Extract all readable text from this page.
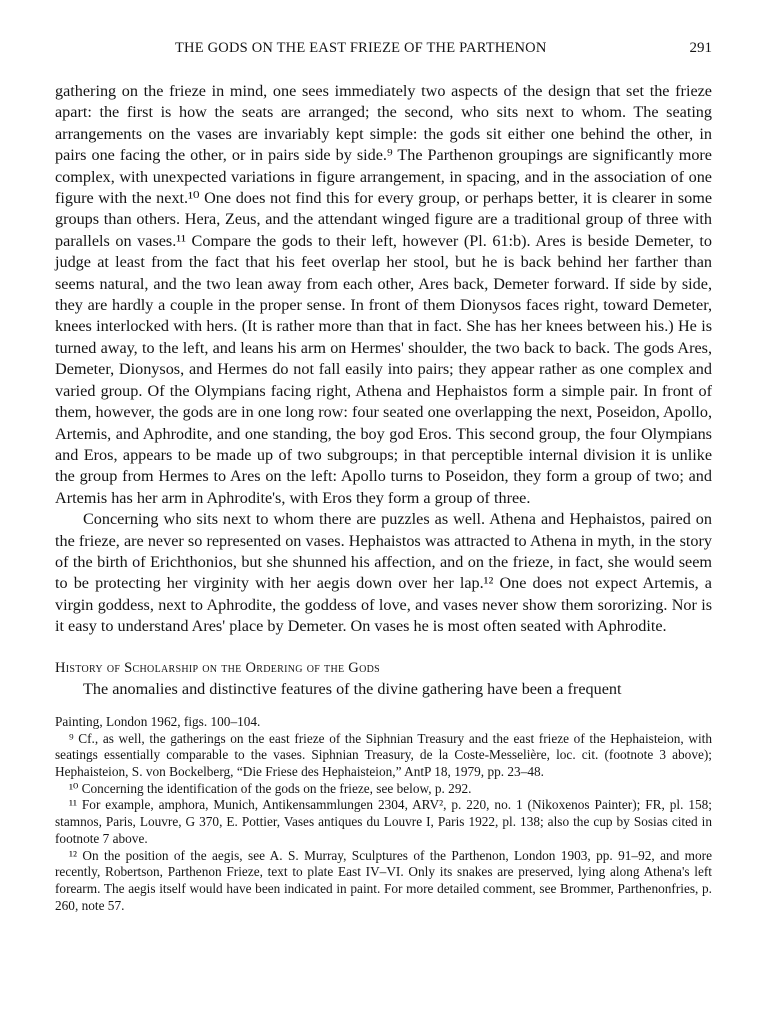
THE GODS ON THE EAST FRIEZE OF THE PARTHENON	291

gathering on the frieze in mind, one sees immediately two aspects of the design that set the frieze apart: the first is how the seats are arranged; the second, who sits next to whom. The seating arrangements on the vases are invariably kept simple: the gods sit either one behind the other, in pairs one facing the other, or in pairs side by side.⁹ The Parthenon groupings are significantly more complex, with unexpected variations in figure arrangement, in spacing, and in the association of one figure with the next.¹⁰ One does not find this for every group, or perhaps better, it is clearer in some groups than others. Hera, Zeus, and the attendant winged figure are a traditional group of three with parallels on vases.¹¹ Compare the gods to their left, however (Pl. 61:b). Ares is beside Demeter, to judge at least from the fact that his feet overlap her stool, but he is back behind her farther than seems natural, and the two lean away from each other, Ares back, Demeter forward. If side by side, they are hardly a couple in the proper sense. In front of them Dionysos faces right, toward Demeter, knees interlocked with hers. (It is rather more than that in fact. She has her knees between his.) He is turned away, to the left, and leans his arm on Hermes' shoulder, the two back to back. The gods Ares, Demeter, Dionysos, and Hermes do not fall easily into pairs; they appear rather as one complex and varied group. Of the Olympians facing right, Athena and Hephaistos form a simple pair. In front of them, however, the gods are in one long row: four seated one overlapping the next, Poseidon, Apollo, Artemis, and Aphrodite, and one standing, the boy god Eros. This second group, the four Olympians and Eros, appears to be made up of two subgroups; in that perceptible internal division it is unlike the group from Hermes to Ares on the left: Apollo turns to Poseidon, they form a group of two; and Artemis has her arm in Aphrodite's, with Eros they form a group of three.

Concerning who sits next to whom there are puzzles as well. Athena and Hephaistos, paired on the frieze, are never so represented on vases. Hephaistos was attracted to Athena in myth, in the story of the birth of Erichthonios, but she shunned his affection, and on the frieze, in fact, she would seem to be protecting her virginity with her aegis down over her lap.¹² One does not expect Artemis, a virgin goddess, next to Aphrodite, the goddess of love, and vases never show them sororizing. Nor is it easy to understand Ares' place by Demeter. On vases he is most often seated with Aphrodite.

History of Scholarship on the Ordering of the Gods

The anomalies and distinctive features of the divine gathering have been a frequent

Painting, London 1962, figs. 100–104.

⁹ Cf., as well, the gatherings on the east frieze of the Siphnian Treasury and the east frieze of the Hephaisteion, with seatings essentially comparable to the vases. Siphnian Treasury, de la Coste-Messelière, loc. cit. (footnote 3 above); Hephaisteion, S. von Bockelberg, “Die Friese des Hephaisteion,” AntP 18, 1979, pp. 23–48.

¹⁰ Concerning the identification of the gods on the frieze, see below, p. 292.

¹¹ For example, amphora, Munich, Antikensammlungen 2304, ARV², p. 220, no. 1 (Nikoxenos Painter); FR, pl. 158; stamnos, Paris, Louvre, G 370, E. Pottier, Vases antiques du Louvre I, Paris 1922, pl. 138; also the cup by Sosias cited in footnote 7 above.

¹² On the position of the aegis, see A. S. Murray, Sculptures of the Parthenon, London 1903, pp. 91–92, and more recently, Robertson, Parthenon Frieze, text to plate East IV–VI. Only its snakes are preserved, lying along Athena's left forearm. The aegis itself would have been indicated in paint. For more detailed comment, see Brommer, Parthenonfries, p. 260, note 57.
